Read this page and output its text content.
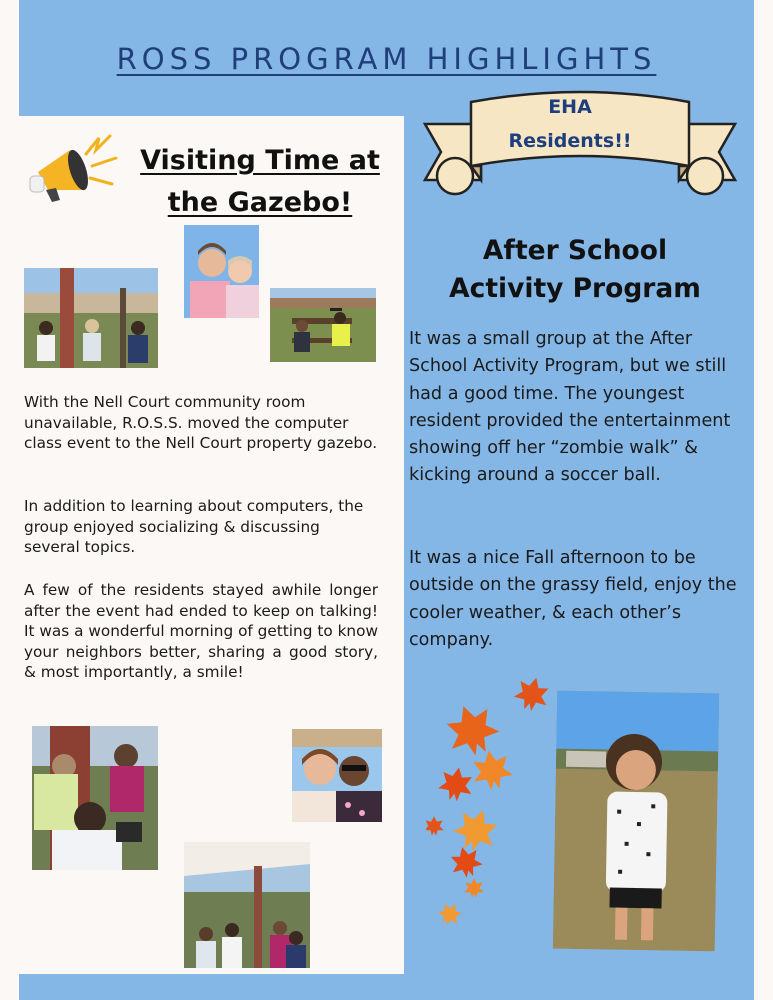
ROSS PROGRAM HIGHLIGHTS
Visiting Time at
the Gazebo!
With the Nell Court community room unavailable, R.O.S.S. moved the computer class event to the Nell Court property gazebo.
In addition to learning about computers, the group enjoyed socializing & discussing several topics.
A few of the residents stayed awhile longer after the event had ended to keep on talking! It was a wonderful morning of getting to know your neighbors better, sharing a good story, & most importantly, a smile!
EHA
Residents!!
After School
Activity Program
It was a small group at the After School Activity Program, but we still had a good time. The youngest resident provided the entertainment showing off her “zombie walk” & kicking around a soccer ball.
It was a nice Fall afternoon to be outside on the grassy field, enjoy the cooler weather, & each other’s company.
